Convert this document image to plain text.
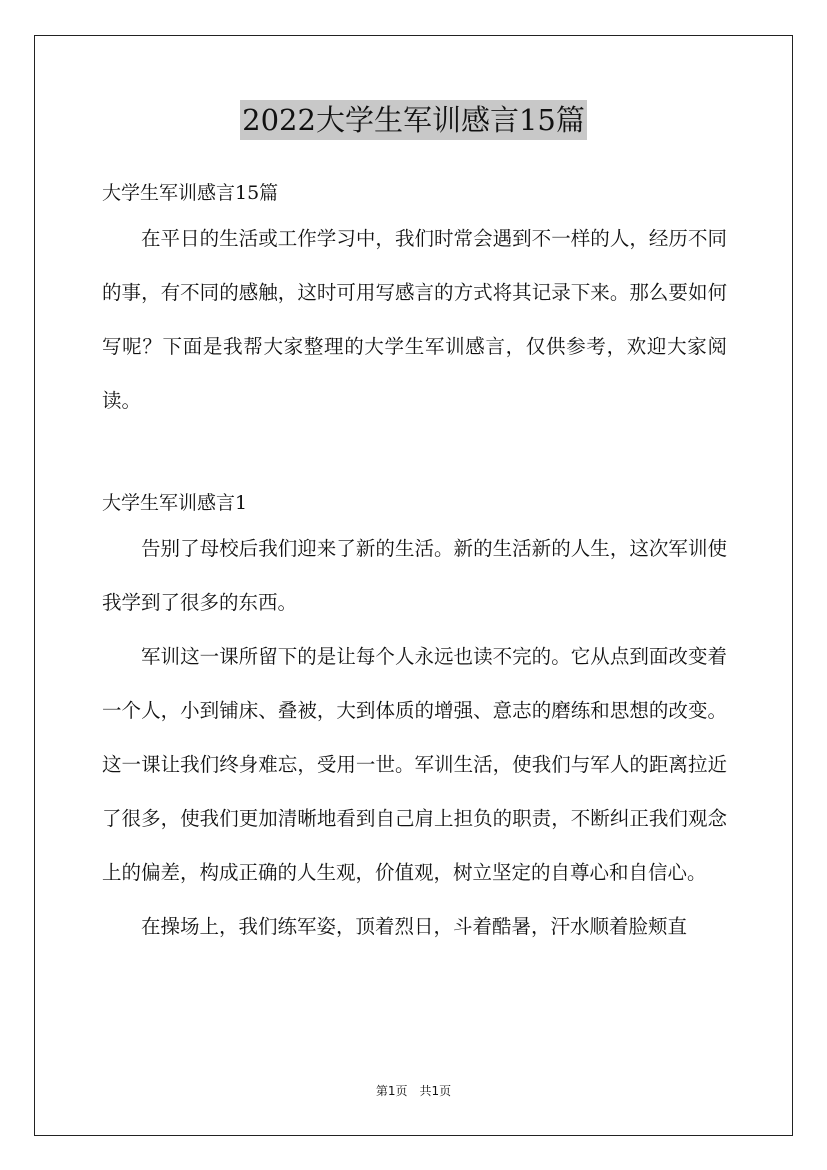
2022大学生军训感言15篇

大学生军训感言15篇

在平日的生活或工作学习中，我们时常会遇到不一样的人，经历不同的事，有不同的感触，这时可用写感言的方式将其记录下来。那么要如何写呢？下面是我帮大家整理的大学生军训感言，仅供参考，欢迎大家阅读。

大学生军训感言1

告别了母校后我们迎来了新的生活。新的生活新的人生，这次军训使我学到了很多的东西。

军训这一课所留下的是让每个人永远也读不完的。它从点到面改变着一个人，小到铺床、叠被，大到体质的增强、意志的磨练和思想的改变。这一课让我们终身难忘，受用一世。军训生活，使我们与军人的距离拉近了很多，使我们更加清晰地看到自己肩上担负的职责，不断纠正我们观念上的偏差，构成正确的人生观，价值观，树立坚定的自尊心和自信心。

在操场上，我们练军姿，顶着烈日，斗着酷暑，汗水顺着脸颊直

第1页 共1页
